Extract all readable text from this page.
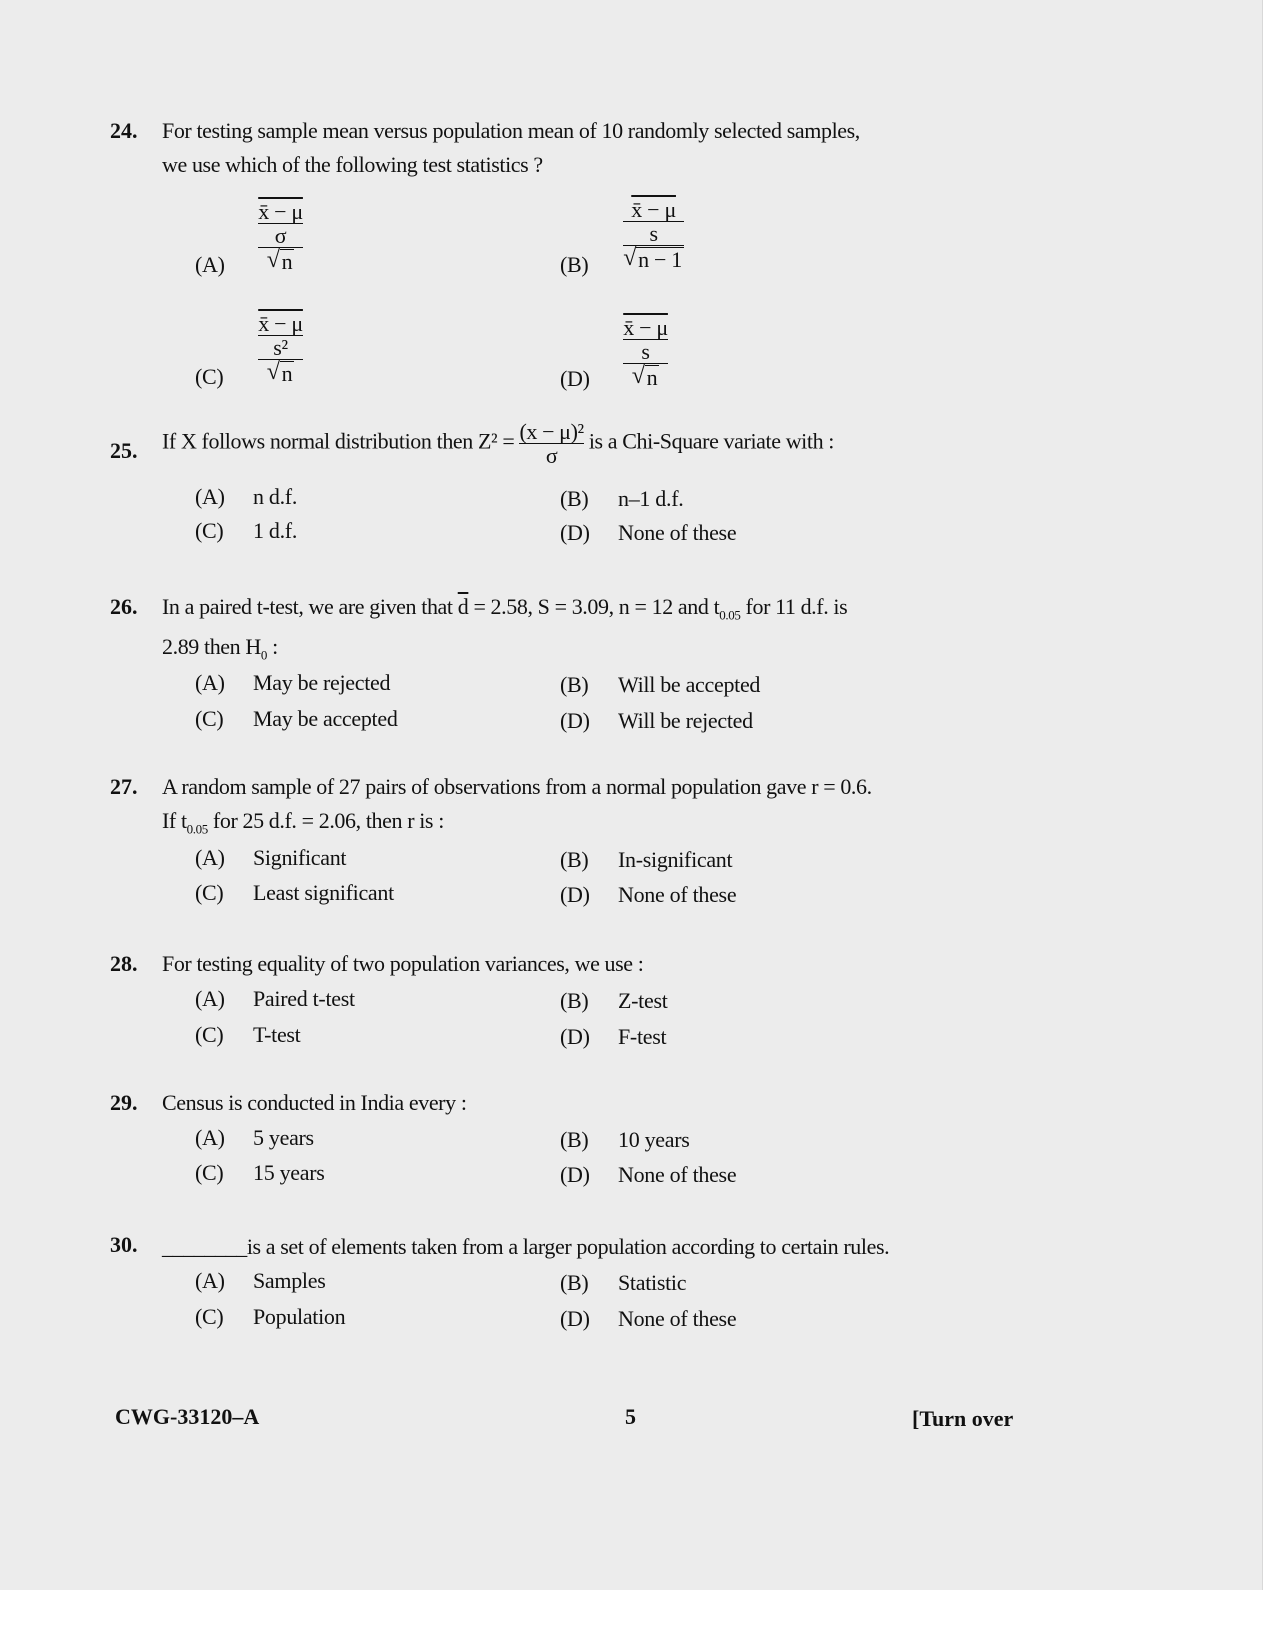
24. For testing sample mean versus population mean of 10 randomly selected samples,
we use which of the following test statistics ?
(A)
x̄ − μ
σ
√ n	(B)
x̄ − μ
s
√ n − 1
(C)
x̄ − μ
s²
√ n	(D)
x̄ − μ
s
√ n
25. If X follows normal distribution then $Z^2 = \frac{\text{(x − μ)²}}{\sigma}$ is a Chi-Square variate with :
(A) n d.f.	(B) n–1 d.f.
(C) 1 d.f.	(D) None of these
26. In a paired t-test, we are given that $\overline{d} = 2.58$, S = 3.09, n = 12 and $t_{0.05}$ for 11 d.f. is
2.89 then $H_0$ :
(A) May be rejected	(B) Will be accepted
(C) May be accepted	(D) Will be rejected
27. A random sample of 27 pairs of observations from a normal population gave r = 0.6.
If $t_{0.05}$ for 25 d.f. = 2.06, then r is :
(A) Significant	(B) In-significant
(C) Least significant	(D) None of these
28. For testing equality of two population variances, we use :
(A) Paired t-test	(B) Z-test
(C) T-test	(D) F-test
29. Census is conducted in India every :
(A) 5 years	(B) 10 years
(C) 15 years	(D) None of these
30. ________is a set of elements taken from a larger population according to certain rules.
(A) Samples	(B) Statistic
(C) Population	(D) None of these
CWG-33120–A	5	[Turn over
